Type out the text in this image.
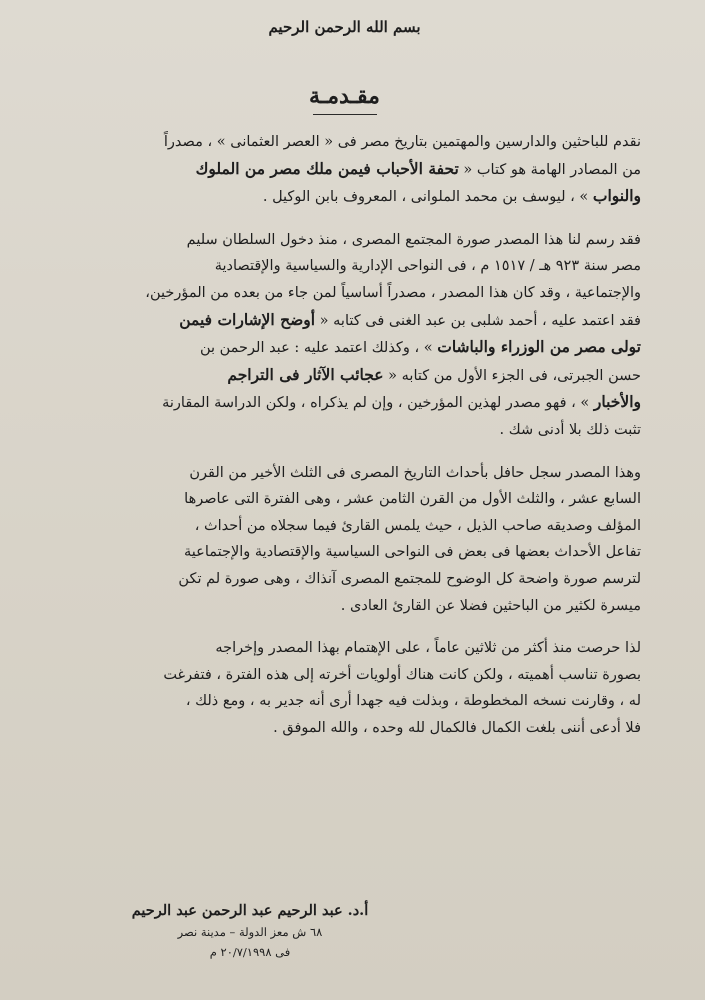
بسم الله الرحمن الرحيم

مقـدمـة
نقدم للباحثين والدارسين والمهتمين بتاريخ مصر فى « العصر العثمانى » ، مصدراً
من المصادر الهامة هو كتاب « تحفة الأحباب فيمن ملك مصر من الملوك
والنواب » ، ليوسف بن محمد الملوانى ، المعروف بابن الوكيل .
فقد رسم لنا هذا المصدر صورة المجتمع المصرى ، منذ دخول السلطان سليم
مصر سنة ٩٢٣ هـ / ١٥١٧ م ، فى النواحى الإدارية والسياسية والإقتصادية
والإجتماعية ، وقد كان هذا المصدر ، مصدراً أساسياً لمن جاء من بعده من المؤرخين،
فقد اعتمد عليه ، أحمد شلبى بن عبد الغنى فى كتابه « أوضح الإشارات فيمن
تولى مصر من الوزراء والباشات » ، وكذلك اعتمد عليه : عبد الرحمن بن
حسن الجبرتى، فى الجزء الأول من كتابه « عجائب الآثار فى التراجم
والأخبار » ، فهو مصدر لهذين المؤرخين ، وإن لم يذكراه ، ولكن الدراسة المقارنة
تثبت ذلك بلا أدنى شك .
وهذا المصدر سجل حافل بأحداث التاريخ المصرى فى الثلث الأخير من القرن
السابع عشر ، والثلث الأول من القرن الثامن عشر ، وهى الفترة التى عاصرها
المؤلف وصديقه صاحب الذيل ، حيث يلمس القارئ فيما سجلاه من أحداث ،
تفاعل الأحداث بعضها فى بعض فى النواحى السياسية والإقتصادية والإجتماعية
لترسم صورة واضحة كل الوضوح للمجتمع المصرى آنذاك ، وهى صورة لم تكن
ميسرة لكثير من الباحثين فضلا عن القارئ العادى .
لذا حرصت منذ أكثر من ثلاثين عاماً ، على الإهتمام بهذا المصدر وإخراجه
بصورة تناسب أهميته ، ولكن كانت هناك أولويات أخرته إلى هذه الفترة ، فتفرغت
له ، وقارنت نسخه المخطوطة ، وبذلت فيه جهدا أرى أنه جدير به ، ومع ذلك ،
فلا أدعى أننى بلغت الكمال فالكمال لله وحده ، والله الموفق .
أ.د. عبد الرحيم عبد الرحمن عبد الرحيم
٦٨ ش معز الدولة – مدينة نصر
فى ٢٠/٧/١٩٩٨ م
